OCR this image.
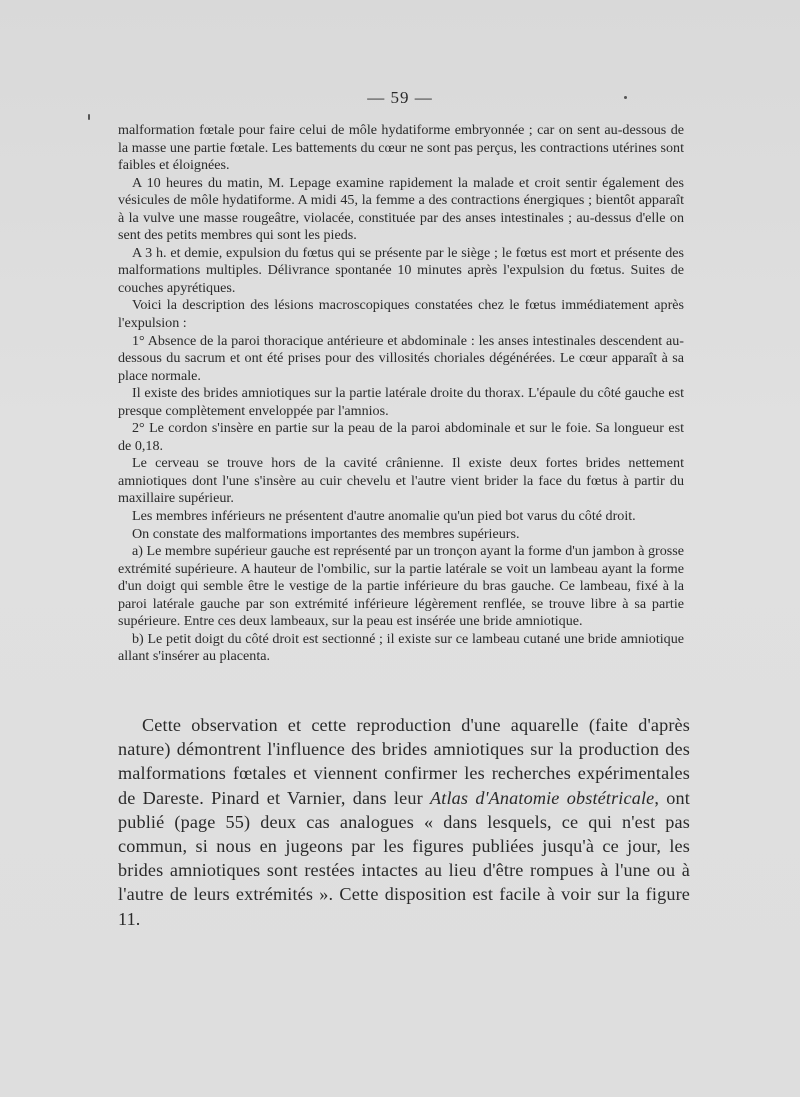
— 59 —

malformation fœtale pour faire celui de môle hydatiforme embryonnée ; car on sent au-dessous de la masse une partie fœtale. Les battements du cœur ne sont pas perçus, les contractions utérines sont faibles et éloignées.

A 10 heures du matin, M. Lepage examine rapidement la malade et croit sentir également des vésicules de môle hydatiforme. A midi 45, la femme a des contractions énergiques ; bientôt apparaît à la vulve une masse rougeâtre, violacée, constituée par des anses intestinales ; au-dessus d'elle on sent des petits membres qui sont les pieds.

A 3 h. et demie, expulsion du fœtus qui se présente par le siège ; le fœtus est mort et présente des malformations multiples. Délivrance spontanée 10 minutes après l'expulsion du fœtus. Suites de couches apyrétiques.

Voici la description des lésions macroscopiques constatées chez le fœtus immédiatement après l'expulsion :

1° Absence de la paroi thoracique antérieure et abdominale : les anses intestinales descendent au-dessous du sacrum et ont été prises pour des villosités choriales dégénérées. Le cœur apparaît à sa place normale.

Il existe des brides amniotiques sur la partie latérale droite du thorax. L'épaule du côté gauche est presque complètement enveloppée par l'amnios.

2° Le cordon s'insère en partie sur la peau de la paroi abdominale et sur le foie. Sa longueur est de 0,18.

Le cerveau se trouve hors de la cavité crânienne. Il existe deux fortes brides nettement amniotiques dont l'une s'insère au cuir chevelu et l'autre vient brider la face du fœtus à partir du maxillaire supérieur.

Les membres inférieurs ne présentent d'autre anomalie qu'un pied bot varus du côté droit.

On constate des malformations importantes des membres supérieurs.

a) Le membre supérieur gauche est représenté par un tronçon ayant la forme d'un jambon à grosse extrémité supérieure. A hauteur de l'ombilic, sur la partie latérale se voit un lambeau ayant la forme d'un doigt qui semble être le vestige de la partie inférieure du bras gauche. Ce lambeau, fixé à la paroi latérale gauche par son extrémité inférieure légèrement renflée, se trouve libre à sa partie supérieure. Entre ces deux lambeaux, sur la peau est insérée une bride amniotique.

b) Le petit doigt du côté droit est sectionné ; il existe sur ce lambeau cutané une bride amniotique allant s'insérer au placenta.

Cette observation et cette reproduction d'une aquarelle (faite d'après nature) démontrent l'influence des brides amniotiques sur la production des malformations fœtales et viennent confirmer les recherches expérimentales de Dareste. Pinard et Varnier, dans leur Atlas d'Anatomie obstétricale, ont publié (page 55) deux cas analogues « dans lesquels, ce qui n'est pas commun, si nous en jugeons par les figures publiées jusqu'à ce jour, les brides amniotiques sont restées intactes au lieu d'être rompues à l'une ou à l'autre de leurs extrémités ». Cette disposition est facile à voir sur la figure 11.
